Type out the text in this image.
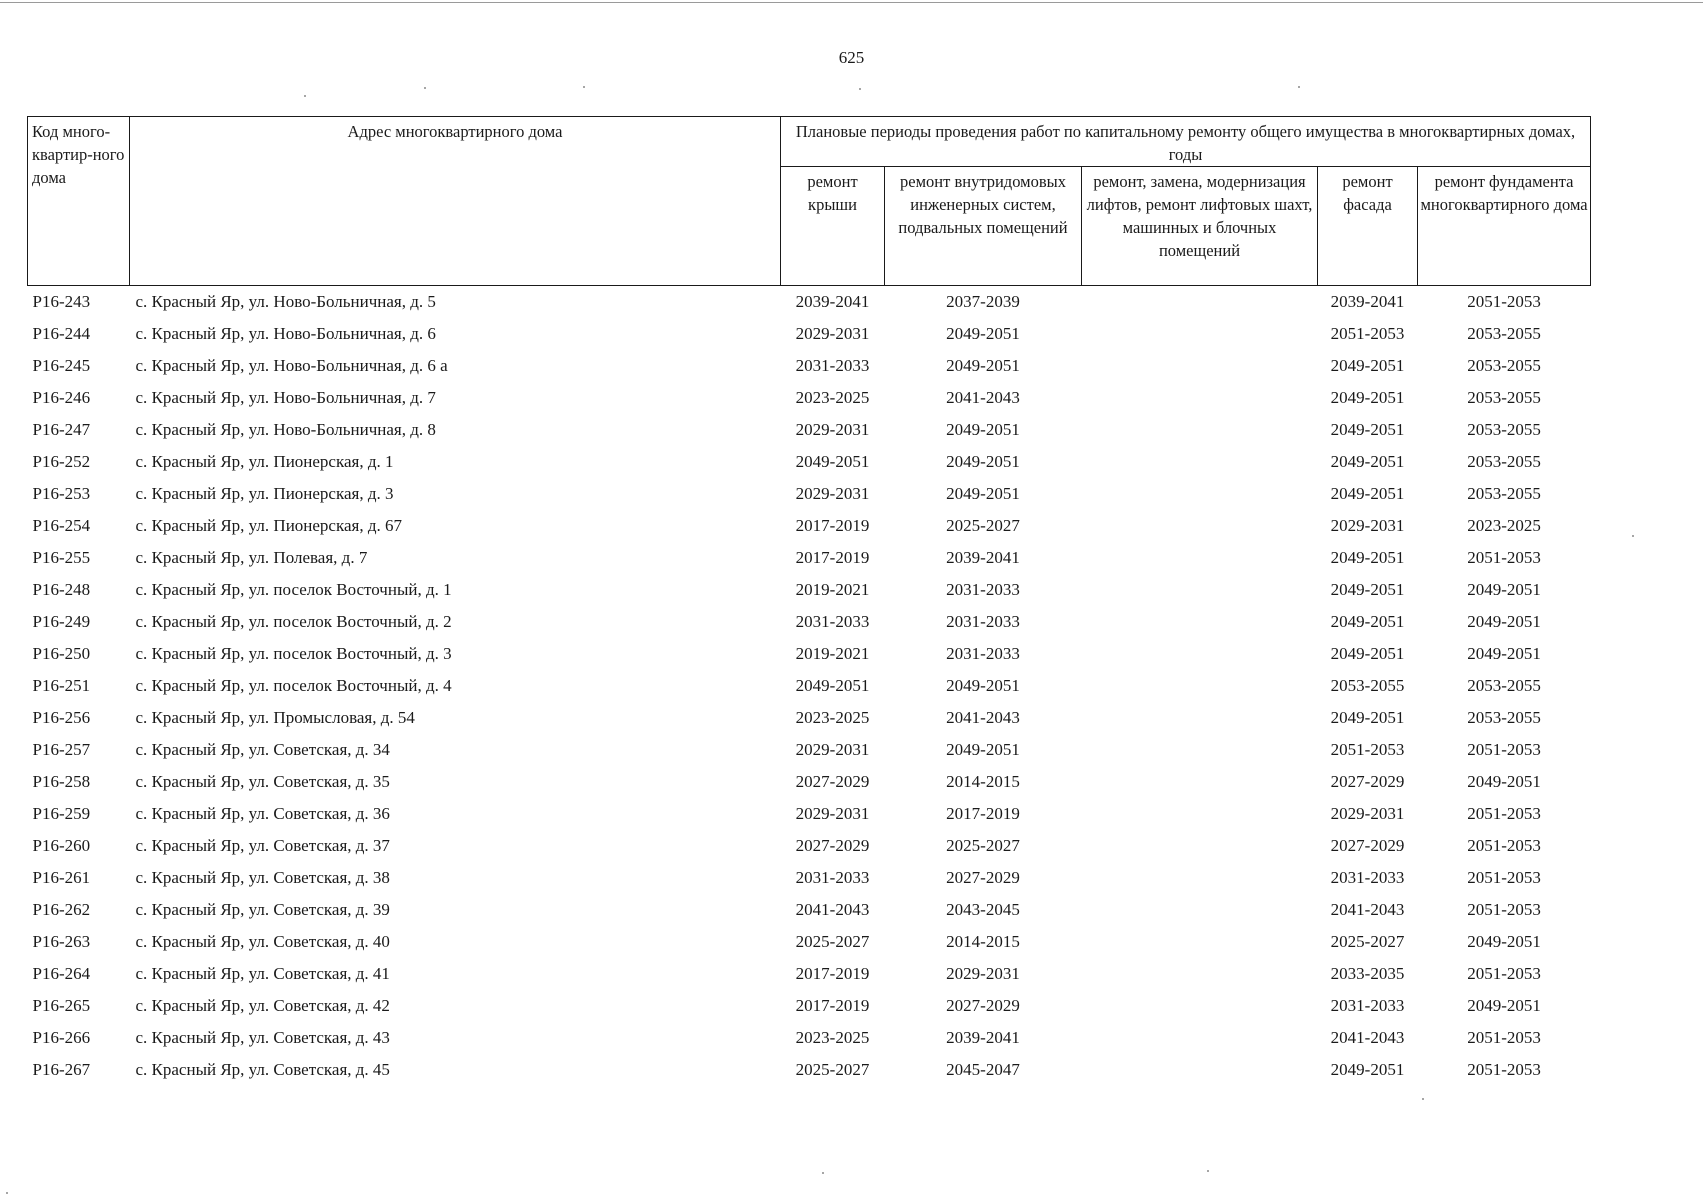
625
Код много-квартир-ного дома	Адрес многоквартирного дома	Плановые периоды проведения работ по капитальному ремонту общего имущества в многоквартирных домах, годы				
		ремонт крыши	ремонт внутридомовых инженерных систем, подвальных помещений	ремонт, замена, модернизация лифтов, ремонт лифтовых шахт, машинных и блочных помещений	ремонт фасада	ремонт фундамента многоквартирного дома
Р16-243	с. Красный Яр, ул. Ново-Больничная, д. 5	2039-2041	2037-2039		2039-2041	2051-2053
Р16-244	с. Красный Яр, ул. Ново-Больничная, д. 6	2029-2031	2049-2051		2051-2053	2053-2055
Р16-245	с. Красный Яр, ул. Ново-Больничная, д. 6 а	2031-2033	2049-2051		2049-2051	2053-2055
Р16-246	с. Красный Яр, ул. Ново-Больничная, д. 7	2023-2025	2041-2043		2049-2051	2053-2055
Р16-247	с. Красный Яр, ул. Ново-Больничная, д. 8	2029-2031	2049-2051		2049-2051	2053-2055
Р16-252	с. Красный Яр, ул. Пионерская, д. 1	2049-2051	2049-2051		2049-2051	2053-2055
Р16-253	с. Красный Яр, ул. Пионерская, д. 3	2029-2031	2049-2051		2049-2051	2053-2055
Р16-254	с. Красный Яр, ул. Пионерская, д. 67	2017-2019	2025-2027		2029-2031	2023-2025
Р16-255	с. Красный Яр, ул. Полевая, д. 7	2017-2019	2039-2041		2049-2051	2051-2053
Р16-248	с. Красный Яр, ул. поселок Восточный, д. 1	2019-2021	2031-2033		2049-2051	2049-2051
Р16-249	с. Красный Яр, ул. поселок Восточный, д. 2	2031-2033	2031-2033		2049-2051	2049-2051
Р16-250	с. Красный Яр, ул. поселок Восточный, д. 3	2019-2021	2031-2033		2049-2051	2049-2051
Р16-251	с. Красный Яр, ул. поселок Восточный, д. 4	2049-2051	2049-2051		2053-2055	2053-2055
Р16-256	с. Красный Яр, ул. Промысловая, д. 54	2023-2025	2041-2043		2049-2051	2053-2055
Р16-257	с. Красный Яр, ул. Советская, д. 34	2029-2031	2049-2051		2051-2053	2051-2053
Р16-258	с. Красный Яр, ул. Советская, д. 35	2027-2029	2014-2015		2027-2029	2049-2051
Р16-259	с. Красный Яр, ул. Советская, д. 36	2029-2031	2017-2019		2029-2031	2051-2053
Р16-260	с. Красный Яр, ул. Советская, д. 37	2027-2029	2025-2027		2027-2029	2051-2053
Р16-261	с. Красный Яр, ул. Советская, д. 38	2031-2033	2027-2029		2031-2033	2051-2053
Р16-262	с. Красный Яр, ул. Советская, д. 39	2041-2043	2043-2045		2041-2043	2051-2053
Р16-263	с. Красный Яр, ул. Советская, д. 40	2025-2027	2014-2015		2025-2027	2049-2051
Р16-264	с. Красный Яр, ул. Советская, д. 41	2017-2019	2029-2031		2033-2035	2051-2053
Р16-265	с. Красный Яр, ул. Советская, д. 42	2017-2019	2027-2029		2031-2033	2049-2051
Р16-266	с. Красный Яр, ул. Советская, д. 43	2023-2025	2039-2041		2041-2043	2051-2053
Р16-267	с. Красный Яр, ул. Советская, д. 45	2025-2027	2045-2047		2049-2051	2051-2053
